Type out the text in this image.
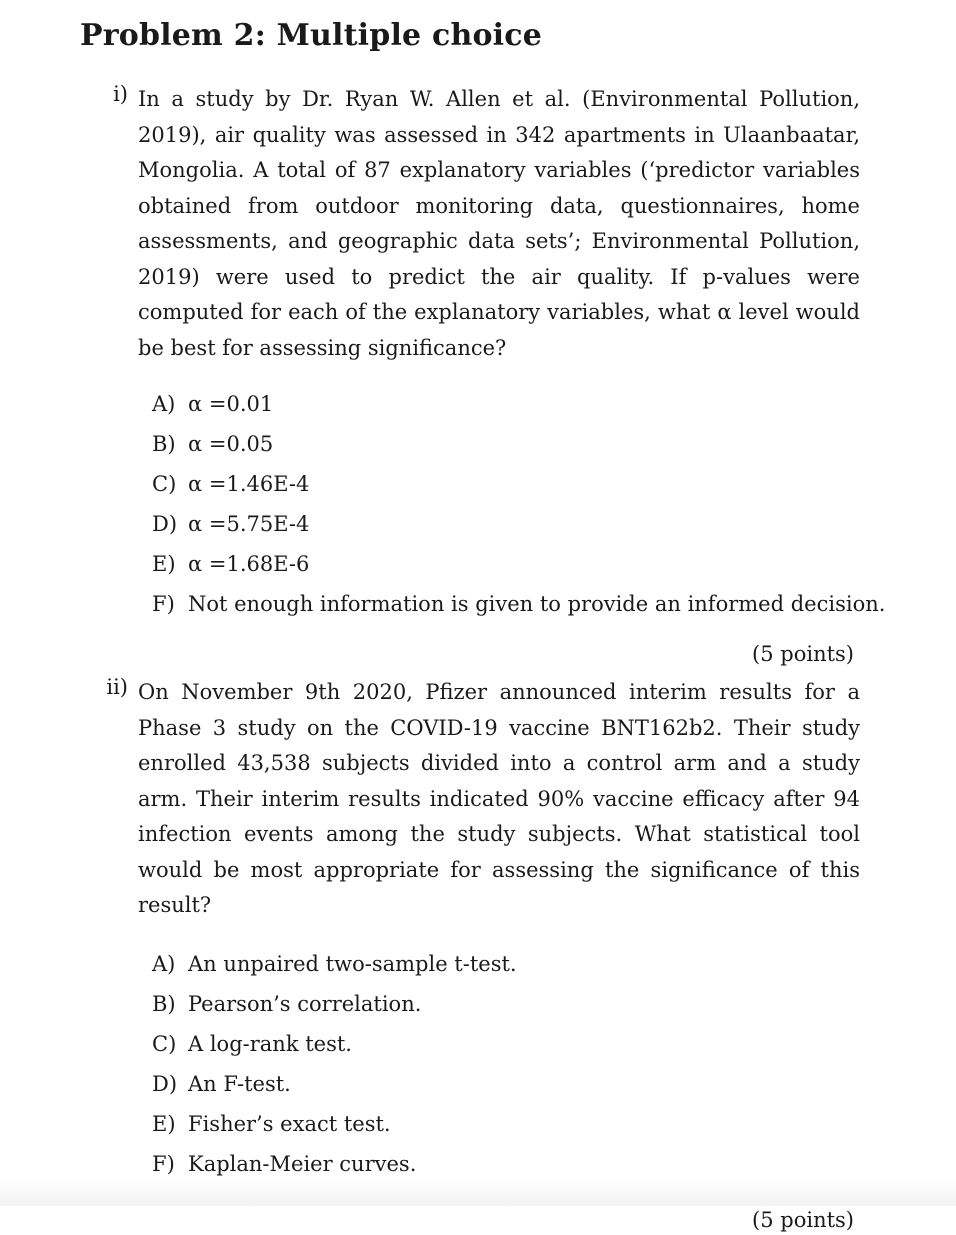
Problem 2: Multiple choice
i) In a study by Dr. Ryan W. Allen et al. (Environmental Pollution, 2019), air quality was assessed in 342 apartments in Ulaanbaatar, Mongolia. A total of 87 explanatory variables (‘predictor variables obtained from outdoor monitoring data, questionnaires, home assessments, and geographic data sets’; Environmental Pollution, 2019) were used to predict the air quality. If p-values were computed for each of the explanatory variables, what α level would be best for assessing significance?
A) α =0.01
B) α =0.05
C) α =1.46E-4
D) α =5.75E-4
E) α =1.68E-6
F) Not enough information is given to provide an informed decision.
(5 points)
ii) On November 9th 2020, Pfizer announced interim results for a Phase 3 study on the COVID-19 vaccine BNT162b2. Their study enrolled 43,538 subjects divided into a control arm and a study arm. Their interim results indicated 90% vaccine efficacy after 94 infection events among the study subjects. What statistical tool would be most appropriate for assessing the significance of this result?
A) An unpaired two-sample t-test.
B) Pearson’s correlation.
C) A log-rank test.
D) An F-test.
E) Fisher’s exact test.
F) Kaplan-Meier curves.
(5 points)
